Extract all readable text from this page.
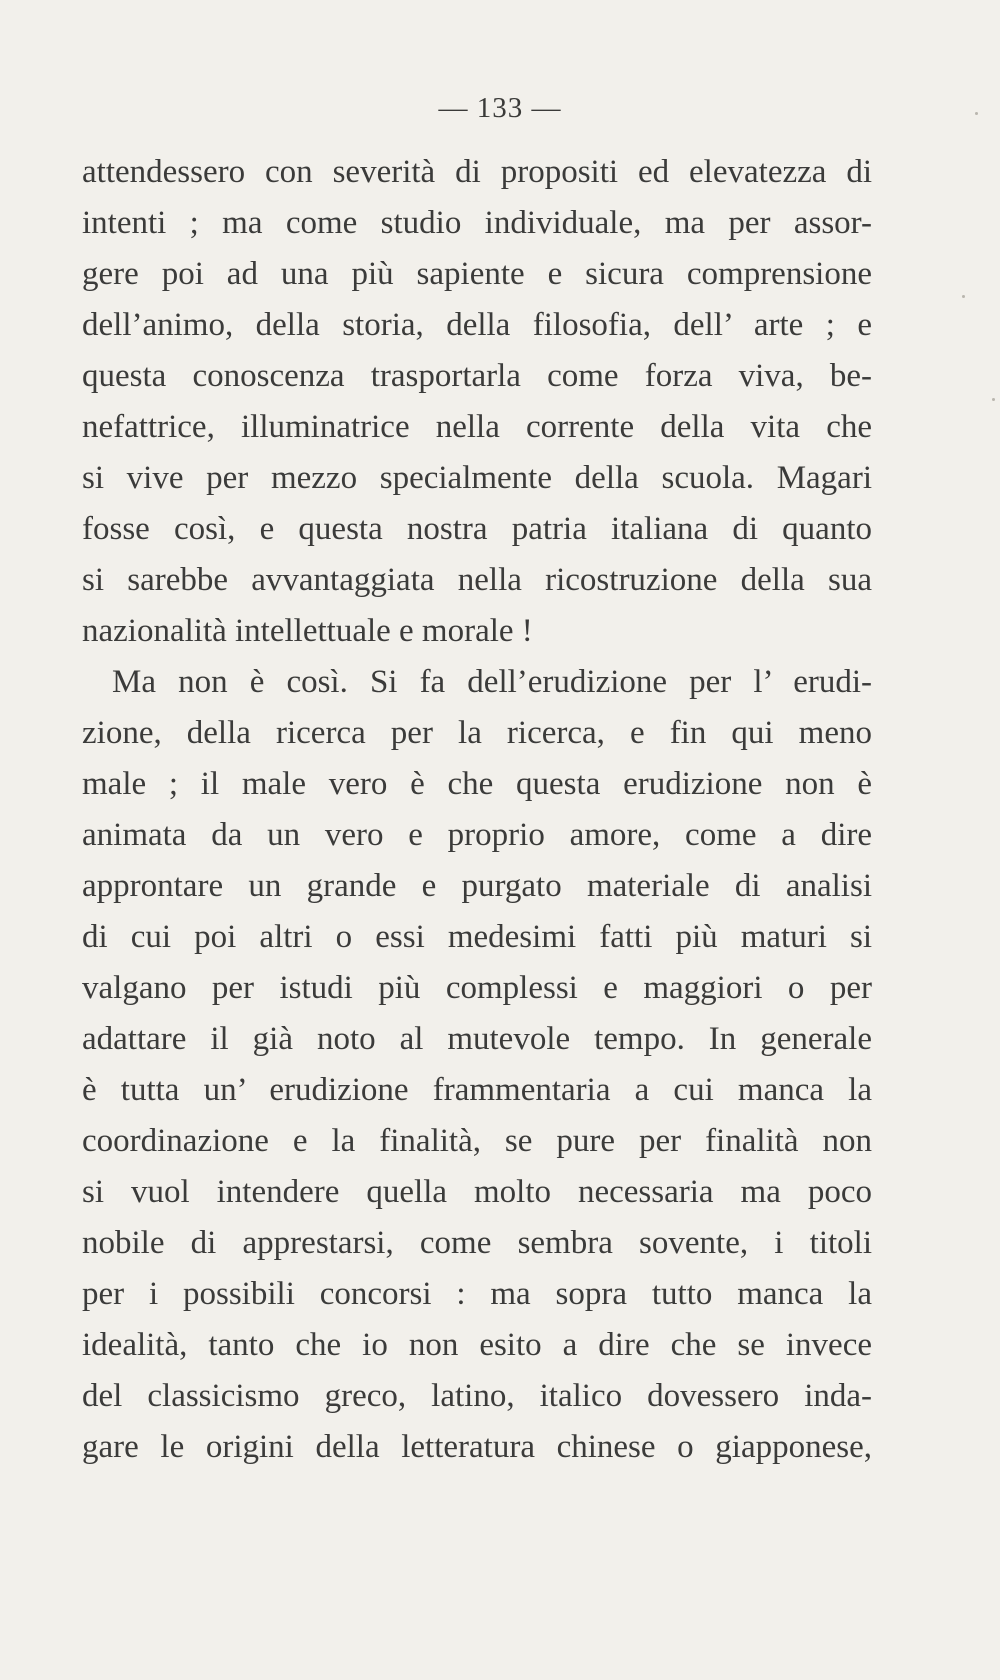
— 133 —
attendessero con severità di propositi ed elevatezza di
intenti ; ma come studio individuale, ma per assor-
gere poi ad una più sapiente e sicura comprensione
dell’animo, della storia, della filosofia, dell’ arte ; e
questa conoscenza trasportarla come forza viva, be-
nefattrice, illuminatrice nella corrente della vita che
si vive per mezzo specialmente della scuola. Magari
fosse così, e questa nostra patria italiana di quanto
si sarebbe avvantaggiata nella ricostruzione della sua
nazionalità intellettuale e morale !
Ma non è così. Si fa dell’erudizione per l’ erudi-
zione, della ricerca per la ricerca, e fin qui meno
male ; il male vero è che questa erudizione non è
animata da un vero e proprio amore, come a dire
approntare un grande e purgato materiale di analisi
di cui poi altri o essi medesimi fatti più maturi si
valgano per istudi più complessi e maggiori o per
adattare il già noto al mutevole tempo. In generale
è tutta un’ erudizione frammentaria a cui manca la
coordinazione e la finalità, se pure per finalità non
si vuol intendere quella molto necessaria ma poco
nobile di apprestarsi, come sembra sovente, i titoli
per i possibili concorsi : ma sopra tutto manca la
idealità, tanto che io non esito a dire che se invece
del classicismo greco, latino, italico dovessero inda-
gare le origini della letteratura chinese o giapponese,
